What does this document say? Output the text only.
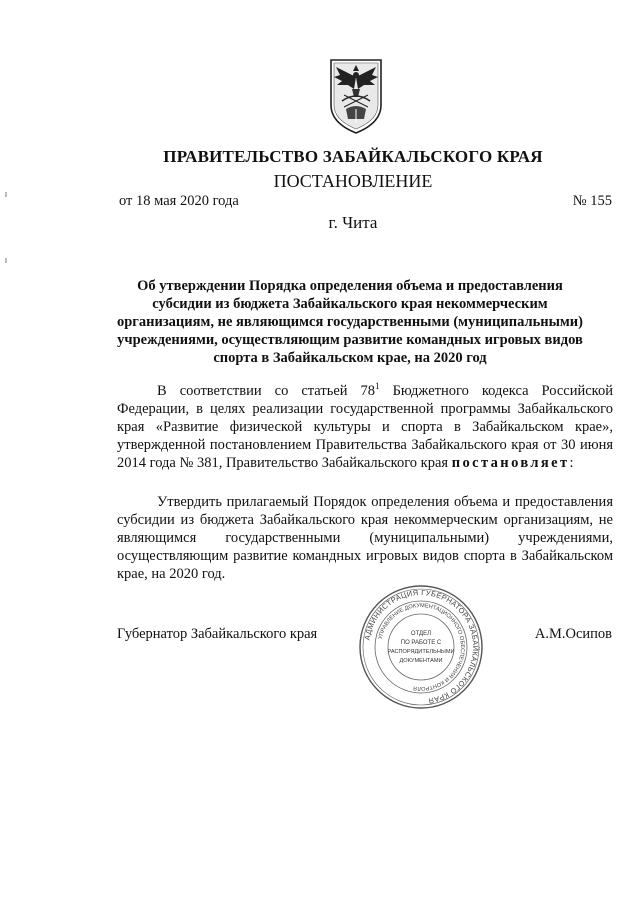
ПРАВИТЕЛЬСТВО ЗАБАЙКАЛЬСКОГО КРАЯ
ПОСТАНОВЛЕНИЕ
от 18 мая 2020 года	№ 155
г. Чита
Об утверждении Порядка определения объема и предоставления субсидии из бюджета Забайкальского края некоммерческим организациям, не являющимся государственными (муниципальными) учреждениями, осуществляющим развитие командных игровых видов спорта в Забайкальском крае, на 2020 год
В соответствии со статьей $78^1$ Бюджетного кодекса Российской Федерации, в целях реализации государственной программы Забайкальского края «Развитие физической культуры и спорта в Забайкальском крае», утвержденной постановлением Правительства Забайкальского края от 30 июня 2014 года № 381, Правительство Забайкальского края постановляет:
Утвердить прилагаемый Порядок определения объема и предоставления субсидии из бюджета Забайкальского края некоммерческим организациям, не являющимся государственными (муниципальными) учреждениями, осуществляющим развитие командных игровых видов спорта в Забайкальском крае, на 2020 год.
Губернатор Забайкальского края	А.М.Осипов
АДМИНИСТРАЦИЯ ГУБЕРНАТОРА ЗАБАЙКАЛЬСКОГО КРАЯ
УПРАВЛЕНИЕ ДОКУМЕНТАЦИОННОГО ОБЕСПЕЧЕНИЯ И КОНТРОЛЯ
ОТДЕЛ
ПО РАБОТЕ С
РАСПОРЯДИТЕЛЬНЫМИ
ДОКУМЕНТАМИ
